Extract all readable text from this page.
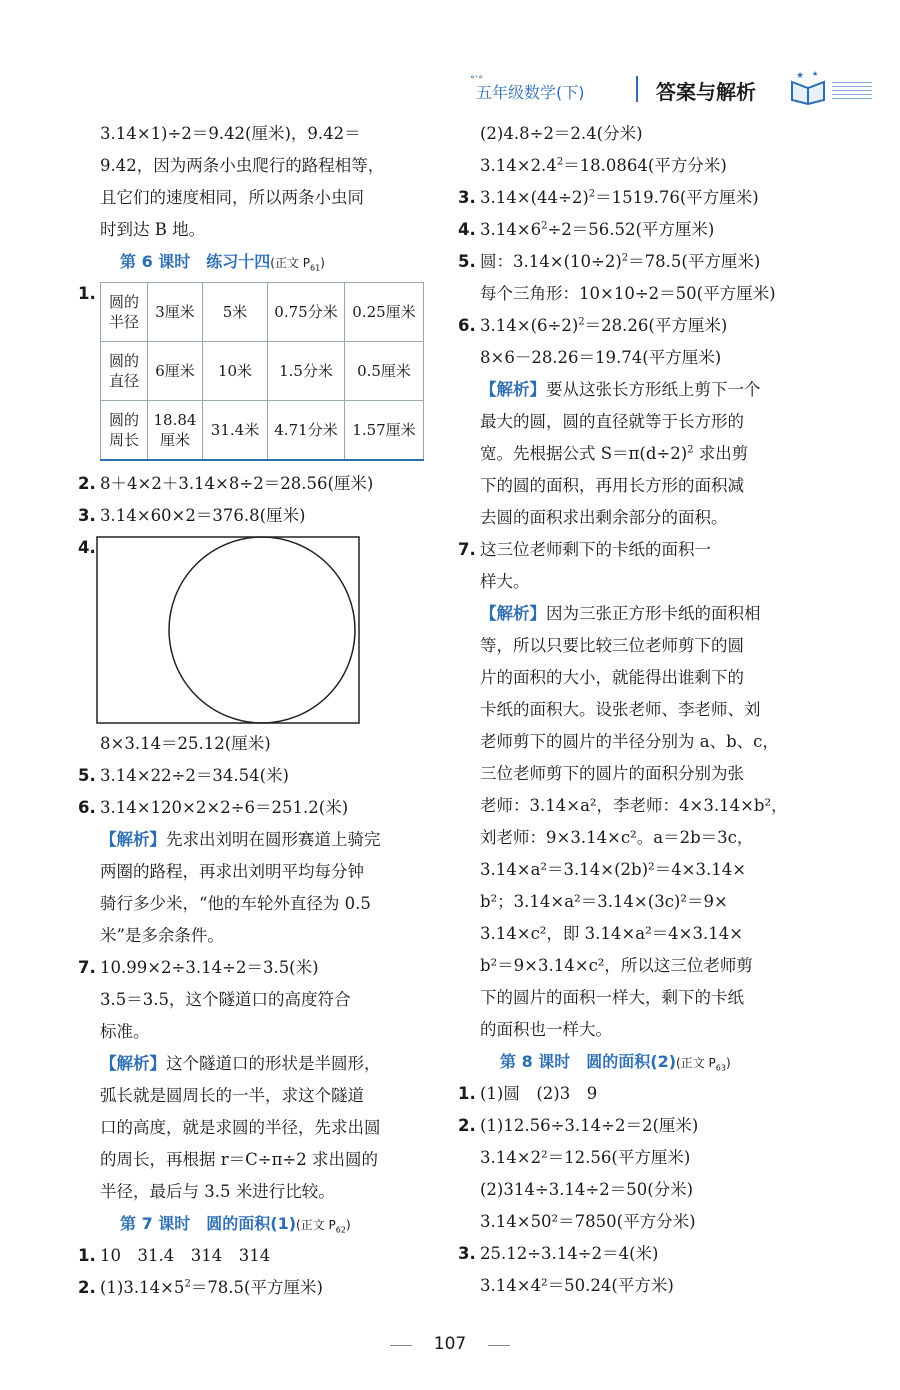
∘·∘
五年级数学(下)	答案与解析
★ ★
3.14×1)÷2＝9.42(厘米)，9.42＝
9.42，因为两条小虫爬行的路程相等，
且它们的速度相同，所以两条小虫同
时到达 B 地。
第 6 课时　练习十四(正文 $P_{61}$)
1. 圆的半径	3厘米	5米	0.75分米	0.25厘米
圆的直径	6厘米	10米	1.5分米	0.5厘米
圆的周长	18.84厘米	31.4米	4.71分米	1.57厘米
2. 8＋4×2＋3.14×8÷2＝28.56(厘米)
3. 3.14×60×2＝376.8(厘米)
4.
8×3.14＝25.12(厘米)
5. 3.14×22÷2＝34.54(米)
6. 3.14×120×2×2÷6＝251.2(米)
【解析】先求出刘明在圆形赛道上骑完
两圈的路程，再求出刘明平均每分钟
骑行多少米，“他的车轮外直径为 0.5
米”是多余条件。
7. 10.99×2÷3.14÷2＝3.5(米)
3.5＝3.5，这个隧道口的高度符合
标准。
【解析】这个隧道口的形状是半圆形，
弧长就是圆周长的一半，求这个隧道
口的高度，就是求圆的半径，先求出圆
的周长，再根据 r＝C÷π÷2 求出圆的
半径，最后与 3.5 米进行比较。
第 7 课时　圆的面积(1)(正文 $P_{62}$)
1. 10　31.4　314　314
2. $(1)3.14\times 5^2=78.5$(平方厘米)
(2)4.8÷2＝2.4(分米)
$3.14\times 2.4^2=18.0864$(平方分米)
3. $3.14\times(44\div 2)^2=1519.76$(平方厘米)
4. $3.14\times 6^2\div 2=56.52$(平方厘米)
5. 圆：$3.14\times(10\div 2)^2=78.5$(平方厘米)
每个三角形：10×10÷2＝50(平方厘米)
6. $3.14\times(6\div 2)^2=28.26$(平方厘米)
8×6－28.26＝19.74(平方厘米)
【解析】要从这张长方形纸上剪下一个
最大的圆，圆的直径就等于长方形的
宽。先根据公式 $S=\pi(d\div 2)^2$ 求出剪
下的圆的面积，再用长方形的面积减
去圆的面积求出剩余部分的面积。
7. 这三位老师剩下的卡纸的面积一
样大。
【解析】因为三张正方形卡纸的面积相
等，所以只要比较三位老师剪下的圆
片的面积的大小，就能得出谁剩下的
卡纸的面积大。设张老师、李老师、刘
老师剪下的圆片的半径分别为 a、b、c，
三位老师剪下的圆片的面积分别为张
老师：3.14×a²，李老师：4×3.14×b²，
刘老师：9×3.14×c²。a＝2b＝3c，
3.14×a²＝3.14×(2b)²＝4×3.14×
b²；3.14×a²＝3.14×(3c)²＝9×
3.14×c²，即 3.14×a²＝4×3.14×
b²＝9×3.14×c²，所以这三位老师剪
下的圆片的面积一样大，剩下的卡纸
的面积也一样大。
第 8 课时　圆的面积(2)(正文 $P_{63}$)
1. (1)圆　(2)3　9
2. (1)12.56÷3.14÷2＝2(厘米)
3.14×2²＝12.56(平方厘米)
(2)314÷3.14÷2＝50(分米)
3.14×50²＝7850(平方分米)
3. 25.12÷3.14÷2＝4(米)
3.14×4²＝50.24(平方米)
107
